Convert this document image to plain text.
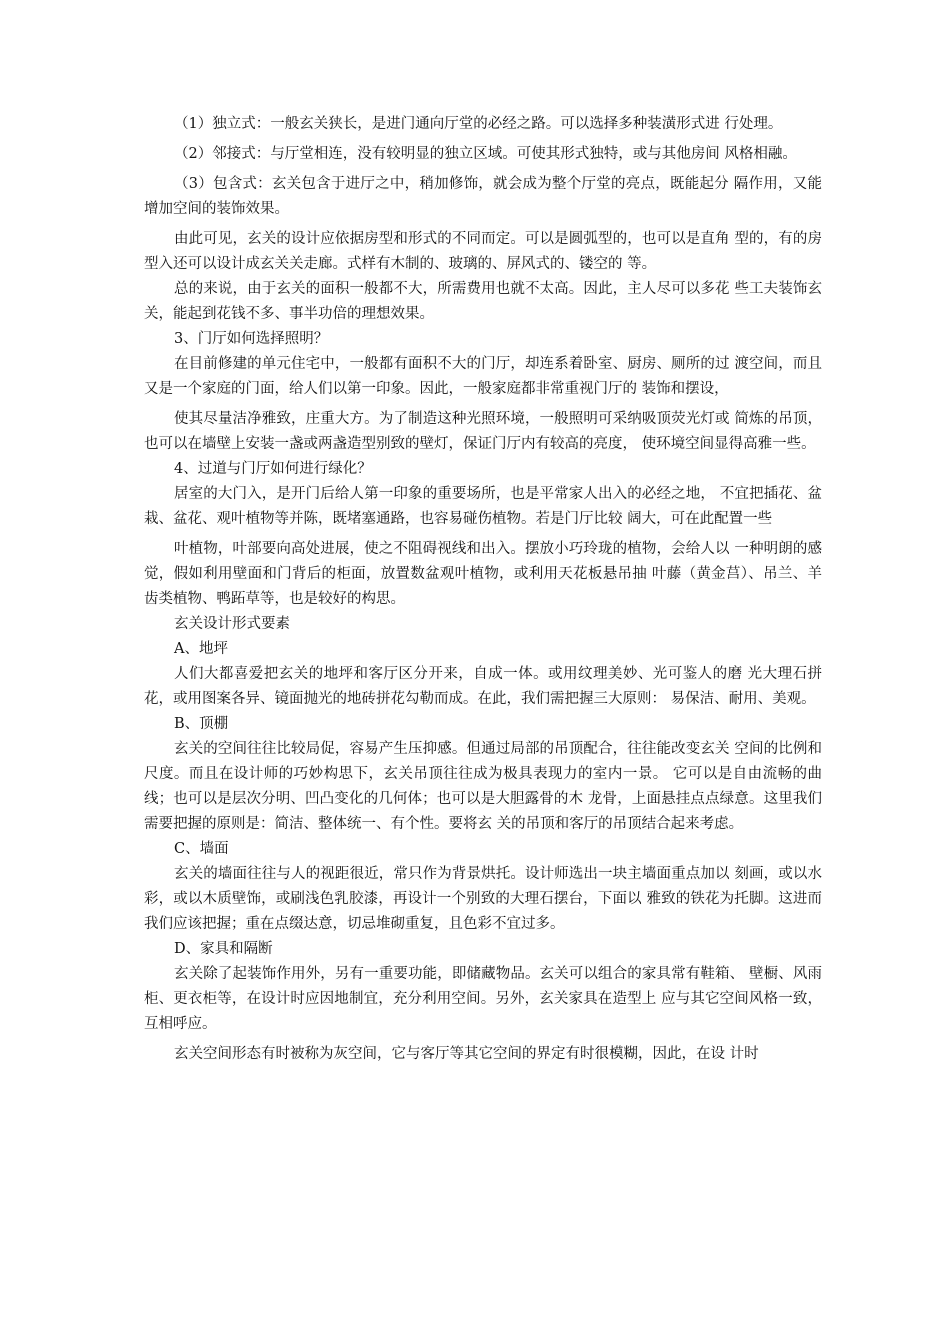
（1）独立式：一般玄关狭长，是进门通向厅堂的必经之路。可以选择多种装潢形式进 行处理。

（2）邻接式：与厅堂相连，没有较明显的独立区域。可使其形式独特，或与其他房间 风格相融。

（3）包含式：玄关包含于进厅之中，稍加修饰，就会成为整个厅堂的亮点，既能起分 隔作用，又能增加空间的装饰效果。

由此可见，玄关的设计应依据房型和形式的不同而定。可以是圆弧型的，也可以是直角 型的，有的房型入还可以设计成玄关关走廊。式样有木制的、玻璃的、屏风式的、镂空的 等。

总的来说，由于玄关的面积一般都不大，所需费用也就不太高。因此，主人尽可以多花 些工夫装饰玄关，能起到花钱不多、事半功倍的理想效果。

3、门厅如何选择照明？

在目前修建的单元住宅中，一般都有面积不大的门厅，却连系着卧室、厨房、厕所的过 渡空间，而且又是一个家庭的门面，给人们以第一印象。因此，一般家庭都非常重视门厅的 装饰和摆设，

使其尽量洁净雅致，庄重大方。为了制造这种光照环境，一般照明可采纳吸顶荧光灯或 简炼的吊顶，也可以在墙壁上安装一盏或两盏造型别致的壁灯，保证门厅内有较高的亮度， 使环境空间显得高雅一些。

4、过道与门厅如何进行绿化？

居室的大门入，是开门后给人第一印象的重要场所，也是平常家人出入的必经之地， 不宜把插花、盆栽、盆花、观叶植物等并陈，既堵塞通路，也容易碰伤植物。若是门厅比较 阔大，可在此配置一些

叶植物，叶部要向高处进展，使之不阻碍视线和出入。摆放小巧玲珑的植物，会给人以 一种明朗的感觉，假如利用壁面和门背后的柜面，放置数盆观叶植物，或利用天花板悬吊抽 叶藤（黄金莒）、吊兰、羊齿类植物、鸭跖草等，也是较好的构思。

玄关设计形式要素

A、地坪

人们大都喜爱把玄关的地坪和客厅区分开来，自成一体。或用纹理美妙、光可鉴人的磨 光大理石拼花，或用图案各异、镜面抛光的地砖拼花勾勒而成。在此，我们需把握三大原则： 易保洁、耐用、美观。

B、顶棚

玄关的空间往往比较局促，容易产生压抑感。但通过局部的吊顶配合，往往能改变玄关 空间的比例和尺度。而且在设计师的巧妙构思下，玄关吊顶往往成为极具表现力的室内一景。 它可以是自由流畅的曲线；也可以是层次分明、凹凸变化的几何体；也可以是大胆露骨的木 龙骨，上面悬挂点点绿意。这里我们需要把握的原则是：简洁、整体统一、有个性。要将玄 关的吊顶和客厅的吊顶结合起来考虑。

C、墙面

玄关的墙面往往与人的视距很近，常只作为背景烘托。设计师选出一块主墙面重点加以 刻画，或以水彩，或以木质壁饰，或刷浅色乳胶漆，再设计一个别致的大理石摆台，下面以 雅致的铁花为托脚。这进而我们应该把握；重在点缀达意，切忌堆砌重复，且色彩不宜过多。

D、家具和隔断

玄关除了起装饰作用外，另有一重要功能，即储藏物品。玄关可以组合的家具常有鞋箱、 壁橱、风雨柜、更衣柜等，在设计时应因地制宜，充分利用空间。另外，玄关家具在造型上 应与其它空间风格一致，互相呼应。

玄关空间形态有时被称为灰空间，它与客厅等其它空间的界定有时很模糊，因此，在设 计时
